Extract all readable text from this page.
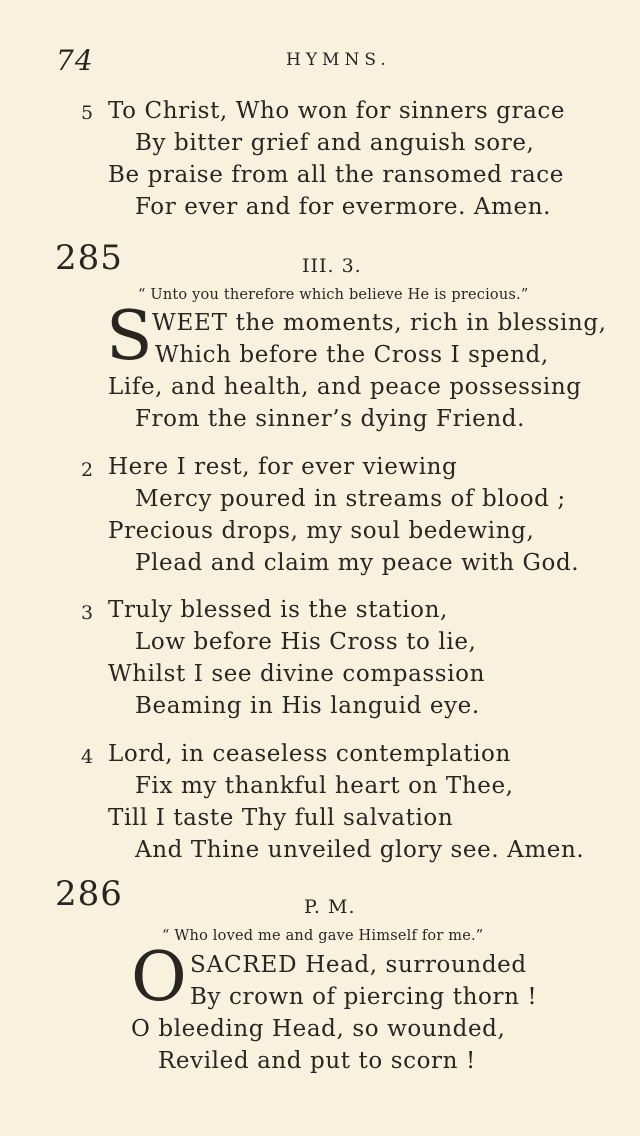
74	HYMNS.
5 To Christ, Who won for sinners grace
By bitter grief and anguish sore,
Be praise from all the ransomed race
For ever and for evermore. Amen.
285	III. 3.
“ Unto you therefore which believe He is precious.”
S WEET the moments, rich in blessing,
Which before the Cross I spend,
Life, and health, and peace possessing
From the sinner’s dying Friend.
2 Here I rest, for ever viewing
Mercy poured in streams of blood ;
Precious drops, my soul bedewing,
Plead and claim my peace with God.
3 Truly blessed is the station,
Low before His Cross to lie,
Whilst I see divine compassion
Beaming in His languid eye.
4 Lord, in ceaseless contemplation
Fix my thankful heart on Thee,
Till I taste Thy full salvation
And Thine unveiled glory see. Amen.
286	P. M.
“ Who loved me and gave Himself for me.”
O SACRED Head, surrounded
By crown of piercing thorn !
O bleeding Head, so wounded,
Reviled and put to scorn !
